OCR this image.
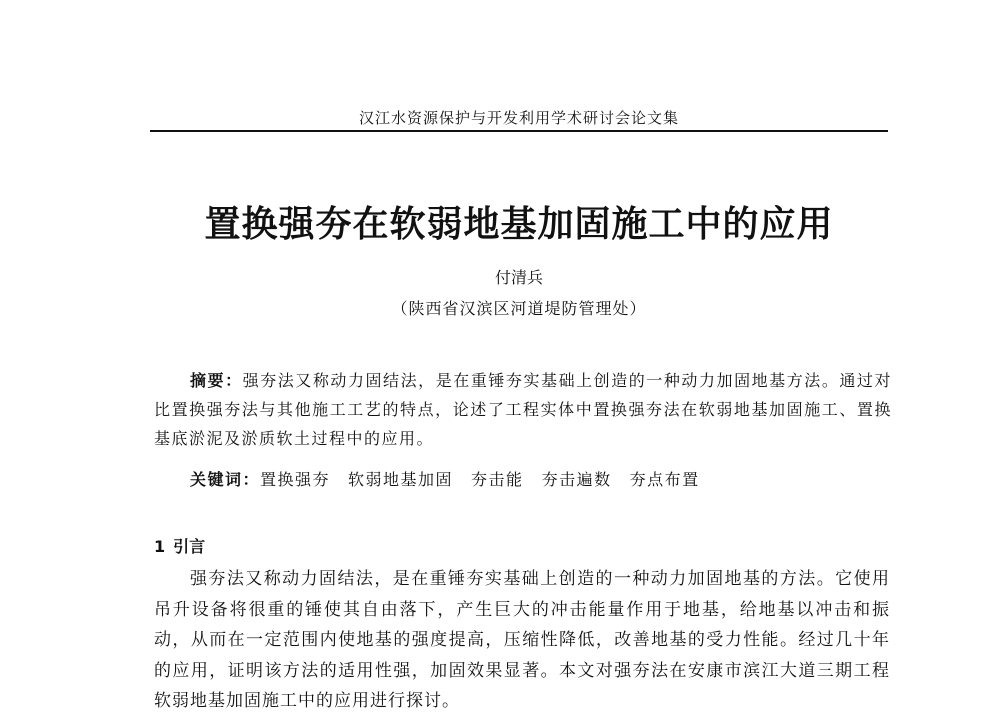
汉江水资源保护与开发利用学术研讨会论文集
置换强夯在软弱地基加固施工中的应用
付清兵
（陕西省汉滨区河道堤防管理处）

摘要：强夯法又称动力固结法，是在重锤夯实基础上创造的一种动力加固地基方法。通过对比置换强夯法与其他施工工艺的特点，论述了工程实体中置换强夯法在软弱地基加固施工、置换基底淤泥及淤质软土过程中的应用。

关键词：置换强夯 软弱地基加固 夯击能 夯击遍数 夯点布置
1 引言

强夯法又称动力固结法，是在重锤夯实基础上创造的一种动力加固地基的方法。它使用吊升设备将很重的锤使其自由落下，产生巨大的冲击能量作用于地基，给地基以冲击和振动，从而在一定范围内使地基的强度提高，压缩性降低，改善地基的受力性能。经过几十年的应用，证明该方法的适用性强，加固效果显著。本文对强夯法在安康市滨江大道三期工程软弱地基加固施工中的应用进行探讨。
